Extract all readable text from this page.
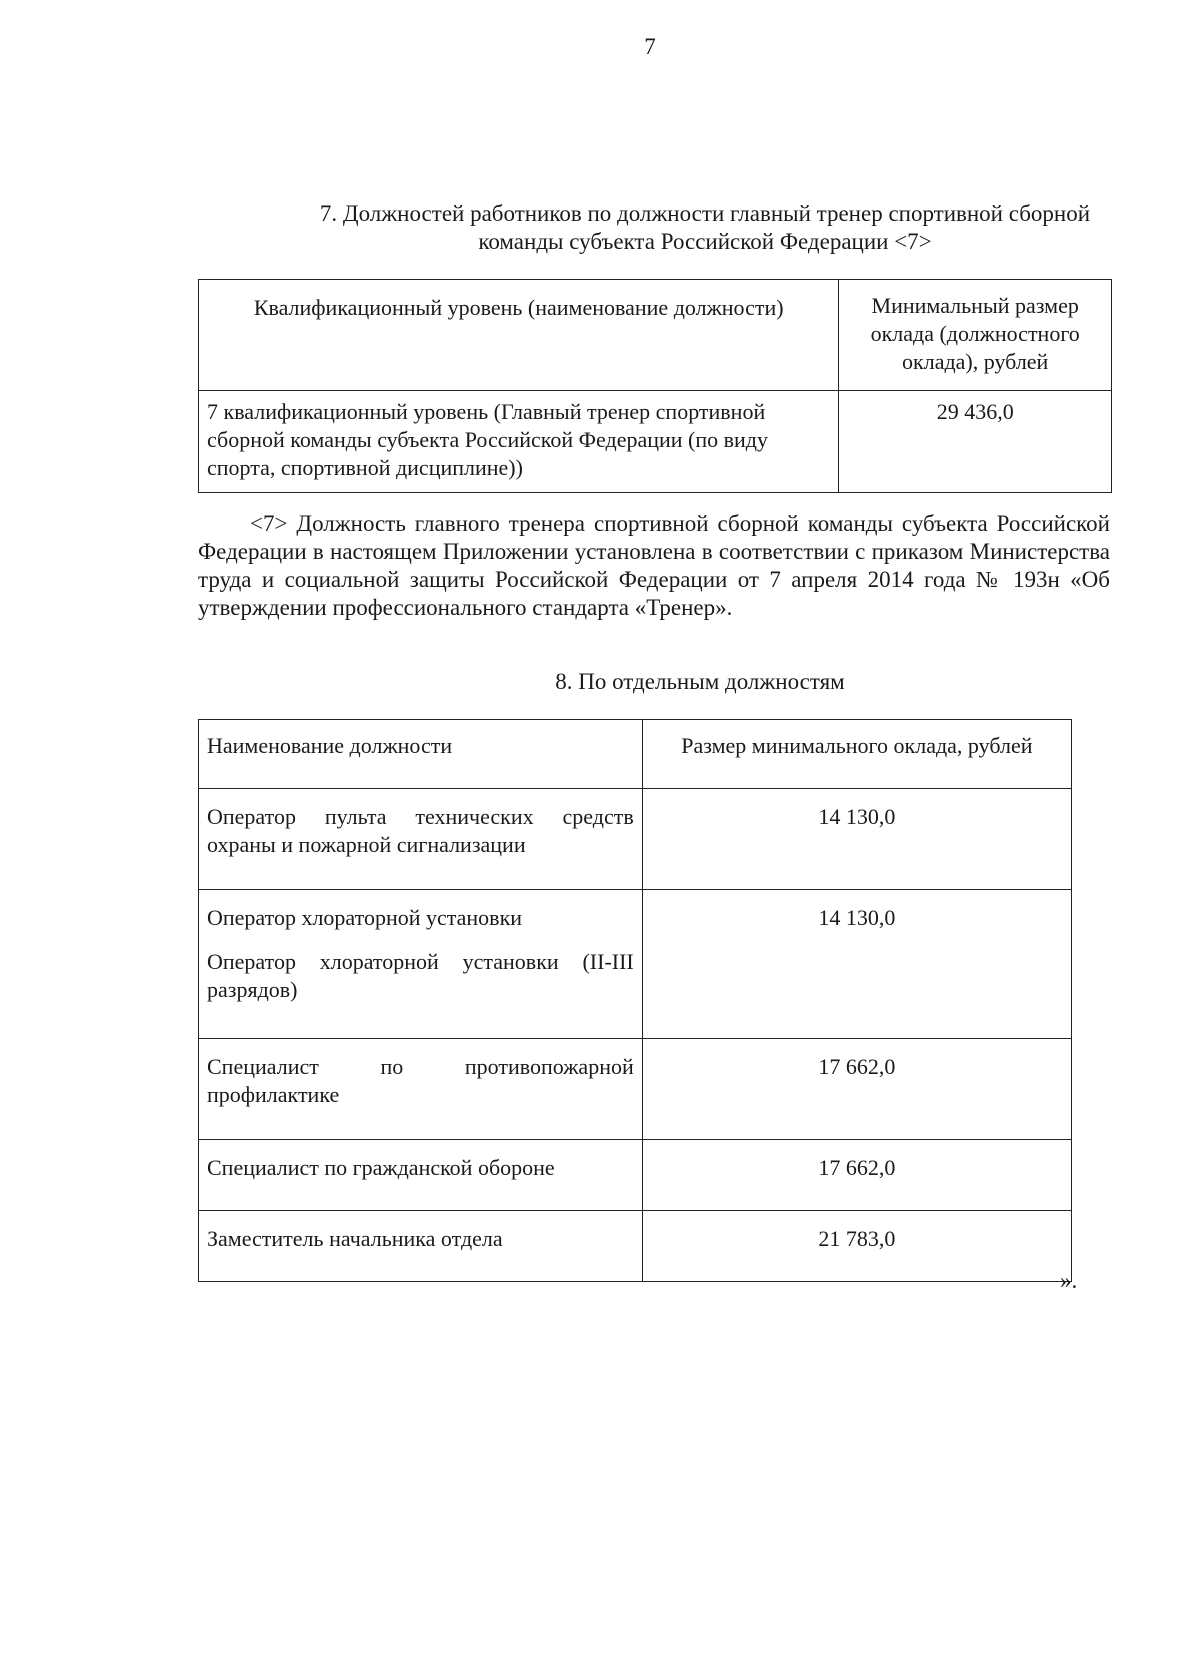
7
7. Должностей работников по должности главный тренер спортивной сборной
команды субъекта Российской Федерации <7>
Квалификационный уровень (наименование должности)	Минимальный размер оклада (должностного оклада), рублей
7 квалификационный уровень (Главный тренер спортивной сборной команды субъекта Российской Федерации (по виду спорта, спортивной дисциплине))	29 436,0
<7> Должность главного тренера спортивной сборной команды субъекта Российской Федерации в настоящем Приложении установлена в соответствии с приказом Министерства труда и социальной защиты Российской Федерации от 7 апреля 2014 года № 193н «Об утверждении профессионального стандарта «Тренер».
8. По отдельным должностям
Наименование должности	Размер минимального оклада, рублей
Оператор пульта технических средств охраны и пожарной сигнализации	14 130,0

Оператор хлораторной установки
Оператор хлораторной установки (II-III разрядов)	14 130,0
Специалист по противопожарной профилактике	17 662,0
Специалист по гражданской обороне	17 662,0
Заместитель начальника отдела	21 783,0
».
